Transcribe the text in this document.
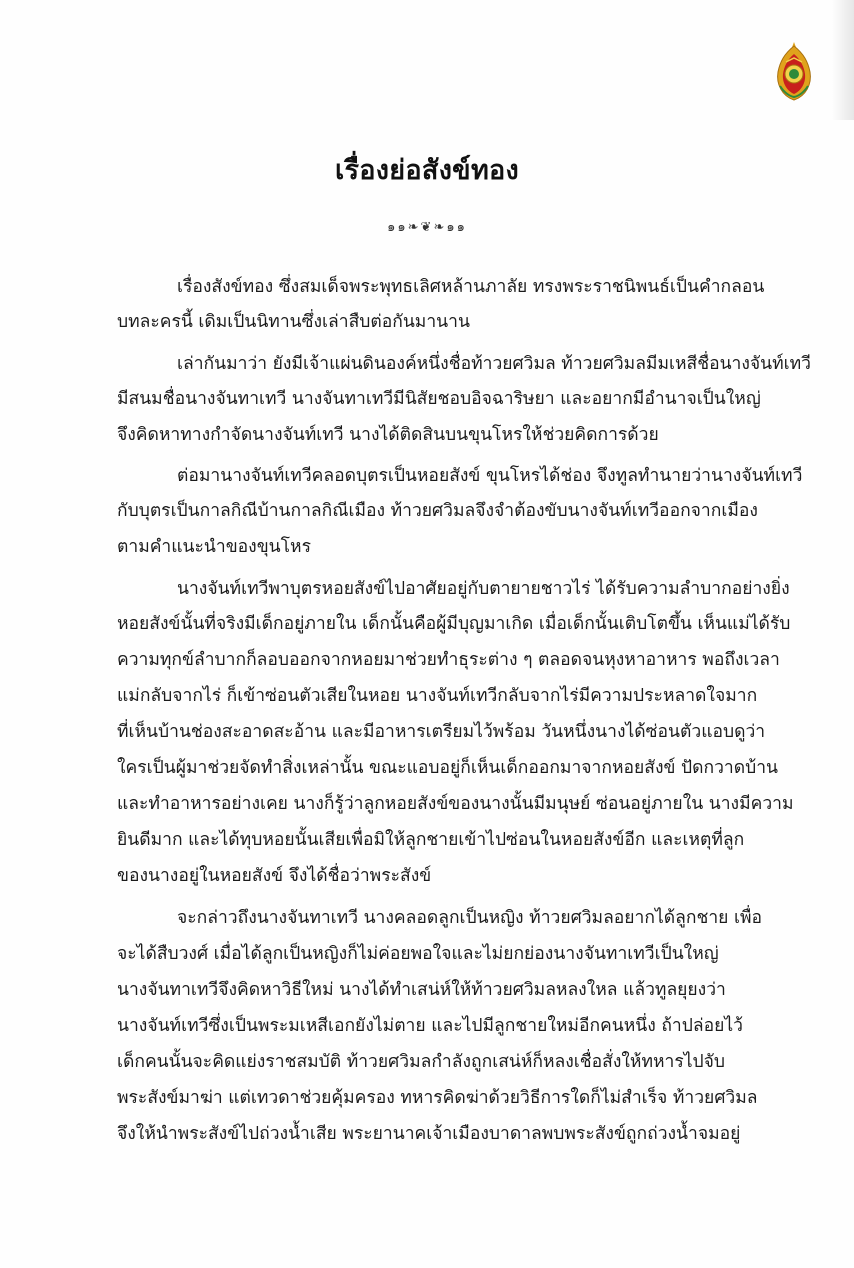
เรื่องย่อสังข์ทอง
๑๑❧❦❧๑๑
เรื่องสังข์ทอง ซึ่งสมเด็จพระพุทธเลิศหล้านภาลัย ทรงพระราชนิพนธ์เป็นคำกลอน
บทละครนี้ เดิมเป็นนิทานซึ่งเล่าสืบต่อกันมานาน
เล่ากันมาว่า ยังมีเจ้าแผ่นดินองค์หนึ่งชื่อท้าวยศวิมล ท้าวยศวิมลมีมเหสีชื่อนางจันท์เทวี
มีสนมชื่อนางจันทาเทวี นางจันทาเทวีมีนิสัยชอบอิจฉาริษยา และอยากมีอำนาจเป็นใหญ่
จึงคิดหาทางกำจัดนางจันท์เทวี นางได้ติดสินบนขุนโหรให้ช่วยคิดการด้วย
ต่อมานางจันท์เทวีคลอดบุตรเป็นหอยสังข์ ขุนโหรได้ช่อง จึงทูลทำนายว่านางจันท์เทวี
กับบุตรเป็นกาลกิณีบ้านกาลกิณีเมือง ท้าวยศวิมลจึงจำต้องขับนางจันท์เทวีออกจากเมือง
ตามคำแนะนำของขุนโหร
นางจันท์เทวีพาบุตรหอยสังข์ไปอาศัยอยู่กับตายายชาวไร่ ได้รับความลำบากอย่างยิ่ง
หอยสังข์นั้นที่จริงมีเด็กอยู่ภายใน เด็กนั้นคือผู้มีบุญมาเกิด เมื่อเด็กนั้นเติบโตขึ้น เห็นแม่ได้รับ
ความทุกข์ลำบากก็ลอบออกจากหอยมาช่วยทำธุระต่าง ๆ ตลอดจนหุงหาอาหาร พอถึงเวลา
แม่กลับจากไร่ ก็เข้าซ่อนตัวเสียในหอย นางจันท์เทวีกลับจากไร่มีความประหลาดใจมาก
ที่เห็นบ้านช่องสะอาดสะอ้าน และมีอาหารเตรียมไว้พร้อม วันหนึ่งนางได้ซ่อนตัวแอบดูว่า
ใครเป็นผู้มาช่วยจัดทำสิ่งเหล่านั้น ขณะแอบอยู่ก็เห็นเด็กออกมาจากหอยสังข์ ปัดกวาดบ้าน
และทำอาหารอย่างเคย นางก็รู้ว่าลูกหอยสังข์ของนางนั้นมีมนุษย์ ซ่อนอยู่ภายใน นางมีความ
ยินดีมาก และได้ทุบหอยนั้นเสียเพื่อมิให้ลูกชายเข้าไปซ่อนในหอยสังข์อีก และเหตุที่ลูก
ของนางอยู่ในหอยสังข์ จึงได้ชื่อว่าพระสังข์
จะกล่าวถึงนางจันทาเทวี นางคลอดลูกเป็นหญิง ท้าวยศวิมลอยากได้ลูกชาย เพื่อ
จะได้สืบวงศ์ เมื่อได้ลูกเป็นหญิงก็ไม่ค่อยพอใจและไม่ยกย่องนางจันทาเทวีเป็นใหญ่
นางจันทาเทวีจึงคิดหาวิธีใหม่ นางได้ทำเสน่ห์ให้ท้าวยศวิมลหลงใหล แล้วทูลยุยงว่า
นางจันท์เทวีซึ่งเป็นพระมเหสีเอกยังไม่ตาย และไปมีลูกชายใหม่อีกคนหนึ่ง ถ้าปล่อยไว้
เด็กคนนั้นจะคิดแย่งราชสมบัติ ท้าวยศวิมลกำลังถูกเสน่ห์ก็หลงเชื่อสั่งให้ทหารไปจับ
พระสังข์มาฆ่า แต่เทวดาช่วยคุ้มครอง ทหารคิดฆ่าด้วยวิธีการใดก็ไม่สำเร็จ ท้าวยศวิมล
จึงให้นำพระสังข์ไปถ่วงน้ำเสีย พระยานาคเจ้าเมืองบาดาลพบพระสังข์ถูกถ่วงน้ำจมอยู่
